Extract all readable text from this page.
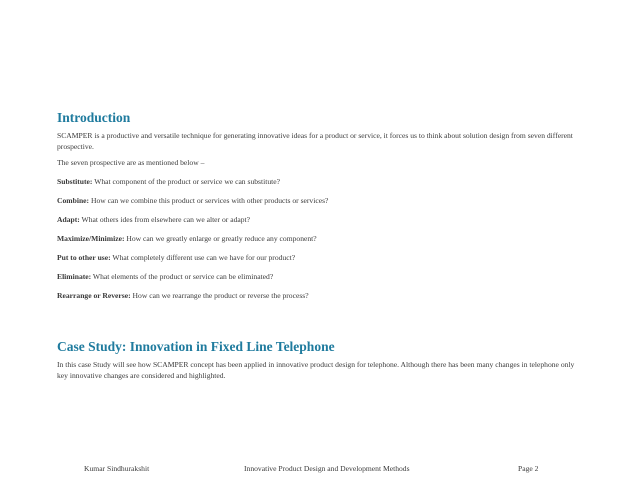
Introduction

SCAMPER is a productive and versatile technique for generating innovative ideas for a product or service, it forces us to think about solution design from seven different prospective.

The seven prospective are as mentioned below –

Substitute: What component of the product or service we can substitute?

Combine: How can we combine this product or services with other products or services?

Adapt: What others ides from elsewhere can we alter or adapt?

Maximize/Minimize: How can we greatly enlarge or greatly reduce any component?

Put to other use: What completely different use can we have for our product?

Eliminate: What elements of the product or service can be eliminated?

Rearrange or Reverse: How can we rearrange the product or reverse the process?

Case Study: Innovation in Fixed Line Telephone

In this case Study will see how SCAMPER concept has been applied in innovative product design for telephone. Although there has been many changes in telephone only key innovative changes are considered and highlighted.

Kumar Sindhurakshit	Innovative Product Design and Development Methods	Page 2
